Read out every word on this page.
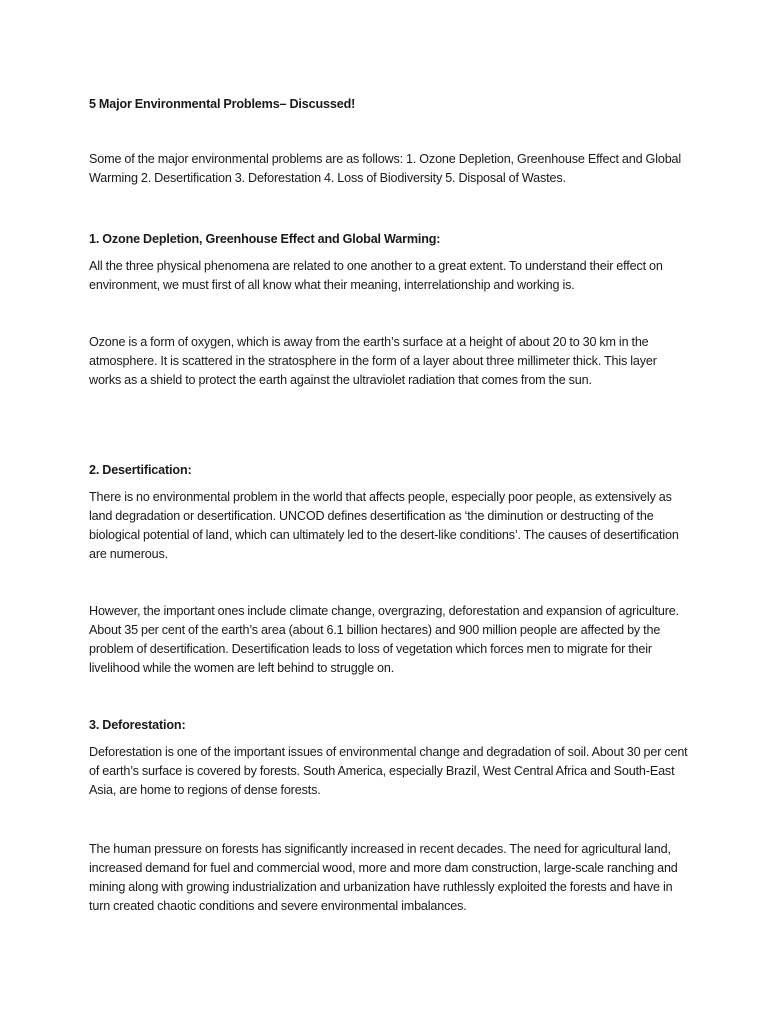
5 Major Environmental Problems– Discussed!

Some of the major environmental problems are as follows: 1. Ozone Depletion, Greenhouse Effect and Global Warming 2. Desertification 3. Deforestation 4. Loss of Biodiversity 5. Disposal of Wastes.

1. Ozone Depletion, Greenhouse Effect and Global Warming:

All the three physical phenomena are related to one another to a great extent. To understand their effect on environment, we must first of all know what their meaning, interrelationship and working is.

Ozone is a form of oxygen, which is away from the earth’s surface at a height of about 20 to 30 km in the atmosphere. It is scattered in the stratosphere in the form of a layer about three millimeter thick. This layer works as a shield to protect the earth against the ultraviolet radiation that comes from the sun.

2. Desertification:

There is no environmental problem in the world that affects people, especially poor people, as extensively as land degradation or desertification. UNCOD defines desertification as ‘the diminution or destructing of the biological potential of land, which can ultimately led to the desert-like conditions’. The causes of desertification are numerous.

However, the important ones include climate change, overgrazing, deforestation and expansion of agriculture. About 35 per cent of the earth’s area (about 6.1 billion hectares) and 900 million people are affected by the problem of desertification. Desertification leads to loss of vegetation which forces men to migrate for their livelihood while the women are left behind to struggle on.

3. Deforestation:

Deforestation is one of the important issues of environmental change and degradation of soil. About 30 per cent of earth’s surface is covered by forests. South America, especially Brazil, West Central Africa and South-East Asia, are home to regions of dense forests.

The human pressure on forests has significantly increased in recent decades. The need for agricultural land, increased demand for fuel and commercial wood, more and more dam construction, large-scale ranching and mining along with growing industrialization and urbanization have ruthlessly exploited the forests and have in turn created chaotic conditions and severe environmental imbalances.
